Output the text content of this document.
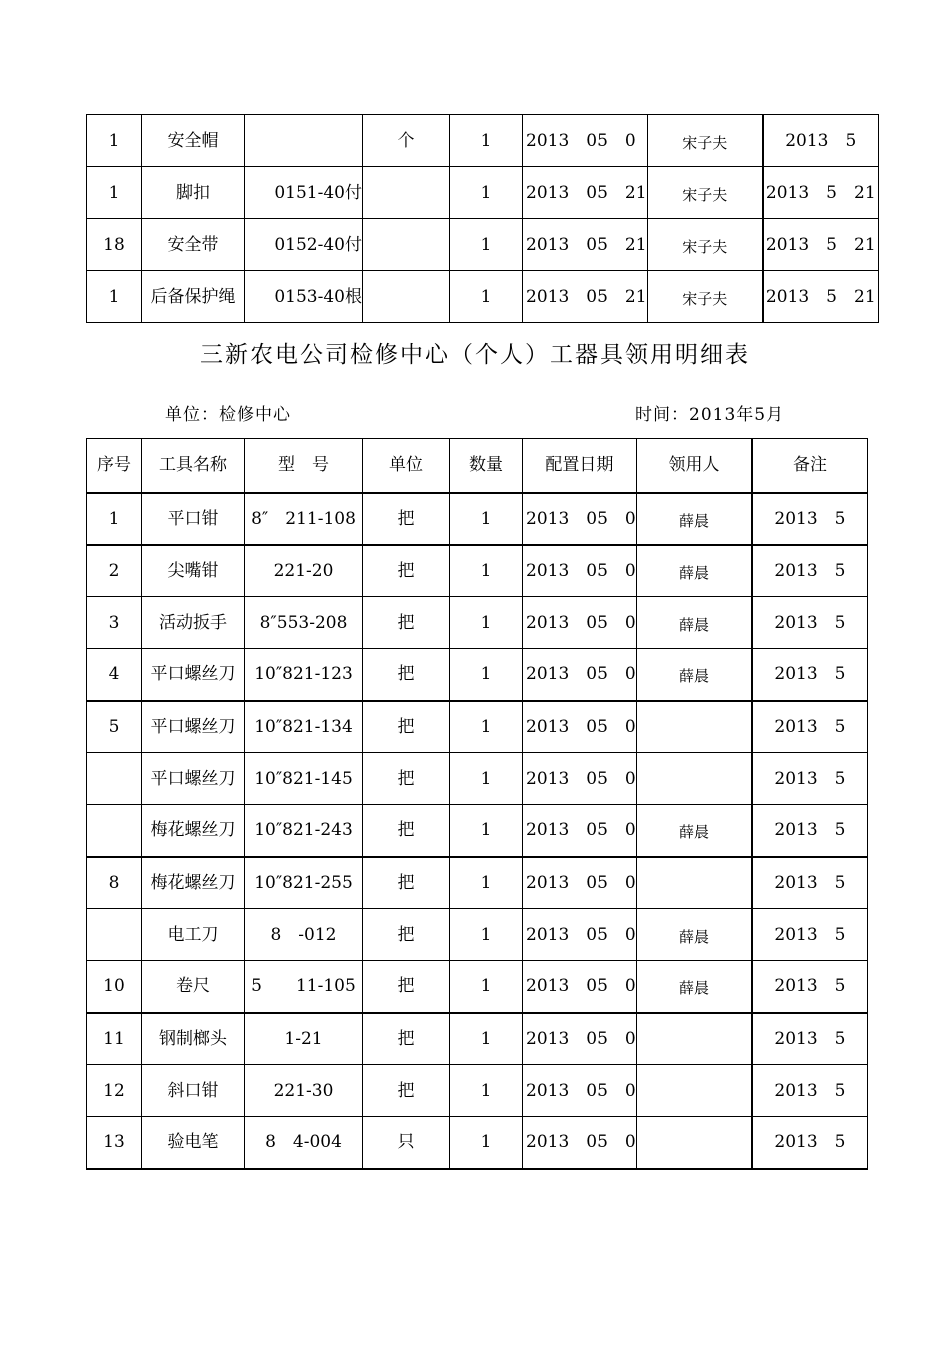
1	安全帽		个	1	2013　05　0	宋子夫	2013　5
1	脚扣	0151-40付		1	2013　05　21	宋子夫	2013　5　21
18	安全带	0152-40付		1	2013　05　21	宋子夫	2013　5　21
1	后备保护绳	0153-40根		1	2013　05　21	宋子夫	2013　5　21
三新农电公司检修中心（个人）工器具领用明细表
单位：检修中心	时间：2013年5月
序号	工具名称	型　号	单位	数量	配置日期	领用人	备注
1	平口钳	8″　211-108	把	1	2013　05　0	薛晨	2013　5
2	尖嘴钳	221-20	把	1	2013　05　0	薛晨	2013　5
3	活动扳手	8″553-208	把	1	2013　05　0	薛晨	2013　5
4	平口螺丝刀	10″821-123	把	1	2013　05　0	薛晨	2013　5
5	平口螺丝刀	10″821-134	把	1	2013　05　0		2013　5
	平口螺丝刀	10″821-145	把	1	2013　05　0		2013　5
	梅花螺丝刀	10″821-243	把	1	2013　05　0	薛晨	2013　5
8	梅花螺丝刀	10″821-255	把	1	2013　05　0		2013　5
	电工刀	8　-012	把	1	2013　05　0	薛晨	2013　5
10	卷尺	5　　11-105	把	1	2013　05　0	薛晨	2013　5
11	钢制榔头	1-21	把	1	2013　05　0		2013　5
12	斜口钳	221-30	把	1	2013　05　0		2013　5
13	验电笔	8　4-004	只	1	2013　05　0		2013　5
